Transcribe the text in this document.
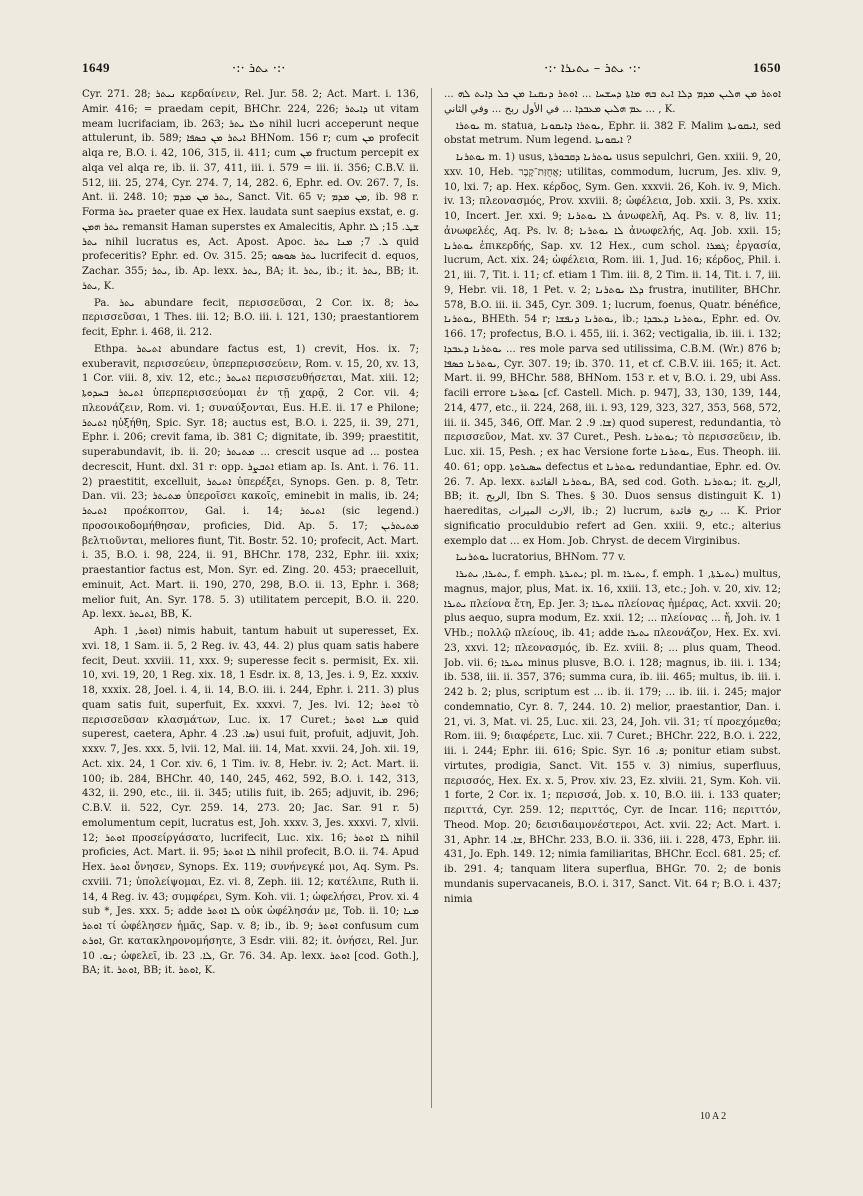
1649	·:· ܝܬܪ ·:·	·:· ܝܬܪ – ܝܬܝܪܐ ·:·	1650

Cyr. 271. 28; ܢܝܬܪ κερδαίνειν, Rel. Jur. 58. 2; Act. Mart. i. 136, Amir. 416; = praedam cepit, BHChr. 224, 226; ܕܐܝܬܪ ut vitam meam lucrifaciam, ib. 263; ܘܠܐ ܝܬܪ nihil lucri acceperunt neque attulerunt, ib. 589; ܐܝܬܪ ܡܢ ܟܣܦܐ BHNom. 156 r; cum ܡܢ profecit alqa re, B.O. i. 42, 106, 315, ii. 411; cum ܡܢ fructum percepit ex alqa vel alqa re, ib. ii. 37, 411, iii. i. 579 = iii. ii. 356; C.B.V. ii. 512, iii. 25, 274, Cyr. 274. 7, 14, 282. 6, Ephr. ed. Ov. 267. 7, Is. Ant. ii. 248. 10; ܝܬܪ ܡܢ ܡܕܡ, Sanct. Vit. 65 v; ܡܢ ܡܕܡ, ib. 98 r. Forma ܝܬܪ praeter quae ex Hex. laudata sunt saepius exstat, e. g. ܝܬܪ ܗܡܢ remansit Haman superstes ex Amalecitis, Aphr. ܫܛ. 15; ܠܐ ܝܬܪ nihil lucratus es, Act. Apost. Apoc. ܠ. 7; ܡܢܐ ܝܬܪ quid profeceritis? Ephr. ed. Ov. 315. 25; ܝܬܪ ܣܘܣܘ lucrifecit d. equos, Zachar. 355; ܝܬܪ, ib. Ap. lexx. ܝܬܪ, BA; it. ܝܬܪ, ib.; it. ܝܬܪ, BB; it. ܝܬܪ, K.

Pa. ܝܬܪ abundare fecit, περισσεῦσαι, 2 Cor. ix. 8; ܝܬܪ περισσεῦσαι, 1 Thes. iii. 12; B.O. iii. i. 121, 130; praestantiorem fecit, Ephr. i. 468, ii. 212.

Ethpa. ܐܬܝܬܪ abundare factus est, 1) crevit, Hos. ix. 7; exuberavit, περισσεύειν, ὑπερπερισσεύειν, Rom. v. 15, 20, xv. 13, 1 Cor. viii. 8, xiv. 12, etc.; ܐܬܝܬܪ περισσευθήσεται, Mat. xiii. 12; ܐܬܝܬܪ ܒܚܕܘܬܐ ὑπερπερισσεύομαι ἐν τῇ χαρᾷ, 2 Cor. vii. 4; πλεονάζειν, Rom. vi. 1; συναύξονται, Eus. H.E. ii. 17 e Philone; ܐܬܝܬܪ ηὐξήθη, Spic. Syr. 18; auctus est, B.O. i. 225, ii. 39, 271, Ephr. i. 206; crevit fama, ib. 381 C; dignitate, ib. 399; praestitit, superabundavit, ib. ii. 20; ܡܬܝܬܪ ... crescit usque ad ... postea decrescit, Hunt. dxl. 31 r: opp. ܐܬܒܨܪ etiam ap. Is. Ant. i. 76. 11. 2) praestitit, excelluit, ܐܬܝܬܪ ὑπερέξει, Synops. Gen. p. 8, Tetr. Dan. vii. 23; ܡܬܝܬܪ ὑπεροῖσει κακοῖς, eminebit in malis, ib. 24; ܐܬܝܬܪ προέκοπτον, Gal. i. 14; ܐܬܝܬܪ (sic legend.) προσοικοδομήθησαν, proficies, Did. Ap. 5. 17; ܡܬܝܬܪܝܢ βελτιοῦνται, meliores fiunt, Tit. Bostr. 52. 10; profecit, Act. Mart. i. 35, B.O. i. 98, 224, ii. 91, BHChr. 178, 232, Ephr. iii. xxix; praestantior factus est, Mon. Syr. ed. Zing. 20. 453; praecelluit, eminuit, Act. Mart. ii. 190, 270, 298, B.O. ii. 13, Ephr. i. 368; melior fuit, An. Syr. 178. 5. 3) utilitatem percepit, B.O. ii. 220. Ap. lexx. ܐܬܝܬܪ, BB, K.

Aph. ܐܘܬܪ, 1) nimis habuit, tantum habuit ut superesset, Ex. xvi. 18, 1 Sam. ii. 5, 2 Reg. iv. 43, 44. 2) plus quam satis habere fecit, Deut. xxviii. 11, xxx. 9; superesse fecit s. permisit, Ex. xii. 10, xvi. 19, 20, 1 Reg. xix. 18, 1 Esdr. ix. 8, 13, Jes. i. 9, Ez. xxxiv. 18, xxxix. 28, Joel. i. 4, ii. 14, B.O. iii. i. 244, Ephr. i. 211. 3) plus quam satis fuit, superfuit, Ex. xxxvi. 7, Jes. lvi. 12; ܐܘܬܪ τὸ περισσεῦσαν κλασμάτων, Luc. ix. 17 Curet.; ܡܢܐ ܐܘܬܪ quid superest, caetera, Aphr. ܣܐ. 23. 4) usui fuit, profuit, adjuvit, Joh. xxxv. 7, Jes. xxx. 5, lvii. 12, Mal. iii. 14, Mat. xxvii. 24, Joh. xii. 19, Act. xix. 24, 1 Cor. xiv. 6, 1 Tim. iv. 8, Hebr. iv. 2; Act. Mart. ii. 100; ib. 284, BHChr. 40, 140, 245, 462, 592, B.O. i. 142, 313, 432, ii. 290, etc., iii. ii. 345; utilis fuit, ib. 265; adjuvit, ib. 296; C.B.V. ii. 522, Cyr. 259. 14, 273. 20; Jac. Sar. 91 r. 5) emolumentum cepit, lucratus est, Joh. xxxv. 3, Jes. xxxvi. 7, xlvii. 12; ܐܘܬܪ προσείργάσατο, lucrifecit, Luc. xix. 16; ܠܐ ܐܘܬܪ nihil proficies, Act. Mart. ii. 95; ܠܐ ܐܘܬܪ nihil profecit, B.O. ii. 74. Apud Hex. ܐܘܬܪ ὄνησεν, Synops. Ex. 119; συνήνεγκέ μοι, Aq. Sym. Ps. cxviii. 71; ὑπολείψομαι, Ez. vi. 8, Zeph. iii. 12; κατέλιπε, Ruth ii. 14, 4 Reg. iv. 43; συμφέρει, Sym. Koh. vii. 1; ὠφελήσει, Prov. xi. 4 sub *, Jes. xxx. 5; adde ܠܐ ܐܘܬܪ οὐκ ὠφέλησάν με, Tob. ii. 10; ܡܢܐ ܐܘܬܪ τί ὠφέλησεν ἡμᾶς, Sap. v. 8; ib., ib. 9; ܐܘܬܪ confusum cum ܐܘܪܬ, Gr. κατακληρονομήσητε, 3 Esdr. viii. 82; it. ὀνήσει, Rel. Jur. ܢܘ. 10; ὠφελεῖ, ib. ܠܐ. 23, Gr. 76. 34. Ap. lexx. ܐܘܬܪ [cod. Goth.], BA; it. ܐܘܬܪ, BB; it. ܐܘܬܪ, K.

ܐܘܬܪ ܡܢ ܗܠܝܢ ܡܕܡ ܕܠܐ ܐܝܬ ܒܗ ܡܐܬܐ ܕܚܫܚܐ ... ܐܘܬܪ ܕܢܩܢܐ ܡܢ ܟܠ ܕܐܝܬ ܠܗ ... ܥܡ ܗܠܝܢ ܡܥܒܕܐ ... في الأول ربح ... وفي الثاني ... , K.

ܝܘܬܪܐ m. statua, ܝܘܬܪܐ ܕܐܝܩܘܢܐ, Ephr. ii. 382 F. Malim ܐܝܩܘܢܬܐ, sed obstat metrum. Num legend. ܐܝܩܘܢܬܐ ?

ܝܘܬܪܢܐ m. 1) usus, ܝܘܬܪܢܐ ܕܩܒܘܪܬܐ usus sepulchri, Gen. xxiii. 9, 20, xxv. 10, Heb. אֲחֻזַּת־קֶבֶר; utilitas, commodum, lucrum, Jes. xliv. 9, 10, lxi. 7; ap. Hex. κέρδος, Sym. Gen. xxxvii. 26, Koh. iv. 9, Mich. iv. 13; πλεονασμός, Prov. xxviii. 8; ὠφέλεια, Job. xxii. 3, Ps. xxix. 10, Incert. Jer. xxi. 9; ܠܐ ܝܘܬܪܢܐ ἀνωφελῆ, Aq. Ps. v. 8, liv. 11; ἀνωφελές, Aq. Ps. lv. 8; ܠܐ ܝܘܬܪܢܐ ἀνωφελής, Aq. Job. xxii. 15; ܝܘܬܪܢܐ ἐπικερδής, Sap. xv. 12 Hex., cum schol. ܓܡܪܐ; ἐργασία, lucrum, Act. xix. 24; ὠφέλεια, Rom. iii. 1, Jud. 16; κέρδος, Phil. i. 21, iii. 7, Tit. i. 11; cf. etiam 1 Tim. iii. 8, 2 Tim. ii. 14, Tit. i. 7, iii. 9, Hebr. vii. 18, 1 Pet. v. 2; ܕܠܐ ܝܘܬܪܢܐ frustra, inutiliter, BHChr. 578, B.O. iii. ii. 345, Cyr. 309. 1; lucrum, foenus, Quatr. bénéfice, ܝܘܬܪܢܐ, BHEth. 54 r; ܝܘܬܪܢܐ ܕܢܦܫܐ, ib.; ܝܘܬܪܢܐ ܕܥܒܕܐ, Ephr. ed. Ov. 166. 17; profectus, B.O. i. 455, iii. i. 362; vectigalia, ib. iii. i. 132; ܝܘܬܪܢܐ ܕܥܒܕܐ ... res mole parva sed utilissima, C.B.M. (Wr.) 876 b; ܝܘܬܪܢܐ ܟܣܦܐ, Cyr. 307. 19; ib. 370. 11, et cf. C.B.V. iii. 165; it. Act. Mart. ii. 99, BHChr. 588, BHNom. 153 r. et v, B.O. i. 29, ubi Ass. facili errore ܝܘܬܪܢܐ [cf. Castell. Mich. p. 947], 33, 130, 139, 144, 214, 477, etc., ii. 224, 268, iii. i. 93, 129, 323, 327, 353, 568, 572, iii. ii. 345, 346, Off. Mar. ܫܐ. 9. 2) quod superest, redundantia, τὸ περισσεῦον, Mat. xv. 37 Curet., Pesh. ܝܘܬܪܢܐ; τὸ περισσεῦειν, ib. Luc. xii. 15, Pesh. ; ex hac Versione forte ܝܘܬܪܢܐ, Eus. Theoph. iii. 40. 61; opp. ܚܣܝܪܘܬܐ defectus et ܝܘܬܪܢܐ redundantiae, Ephr. ed. Ov. 26. 7. Ap. lexx. ܝܘܬܪܢܐ الفائدة, BA, sed cod. Goth. ܝܘܬܪܢܐ; it. الربح, BB; it. الربح, Ibn S. Thes. § 30. Duos sensus distinguit K. 1) haereditas, الارث الميراث, ib.; 2) lucrum, ربح فائدة ... K. Prior significatio proculdubio refert ad Gen. xxiii. 9, etc.; alterius exemplo dat ... ex Hom. Job. Chryst. de decem Virginibus.

ܝܘܬܪܢܝܐ lucratorius, BHNom. 77 v.

ܝܬܝܪܐ, ܝܬܝܪܐ, f. emph. ܝܬܝܪܬܐ; pl. m. ܝܬܝܪܐ, f. emph. ܝܬܝܪܬܐ, 1) multus, magnus, major, plus, Mat. ix. 16, xxiii. 13, etc.; Joh. v. 20, xiv. 12; ܝܬܝܪܐ πλείονα ἔτη, Ep. Jer. 3; ܝܬܝܪܐ πλείονας ἡμέρας, Act. xxvii. 20; plus aequo, supra modum, Ez. xxii. 12; ... πλείονας ... ἤ, Joh. iv. 1 VHb.; πολλῷ πλείους, ib. 41; adde ܝܬܝܪܐ πλεονάζον, Hex. Ex. xvi. 23, xxvi. 12; πλεονασμός, ib. Ez. xviii. 8; ... plus quam, Theod. Job. vii. 6; ܝܬܝܪܐ minus plusve, B.O. i. 128; magnus, ib. iii. i. 134; ib. 538, iii. ii. 357, 376; summa cura, ib. iii. 465; multus, ib. iii. i. 242 b. 2; plus, scriptum est ... ib. ii. 179; ... ib. iii. i. 245; major condemnatio, Cyr. 8. 7, 244. 10. 2) melior, praestantior, Dan. i. 21, vi. 3, Mat. vi. 25, Luc. xii. 23, 24, Joh. vii. 31; τί προεχόμεθα; Rom. iii. 9; διαφέρετε, Luc. xii. 7 Curet.; BHChr. 222, B.O. i. 222, iii. i. 244; Ephr. iii. 616; Spic. Syr. ܦ. 16; ponitur etiam subst. virtutes, prodigia, Sanct. Vit. 155 v. 3) nimius, superfluus, περισσός, Hex. Ex. x. 5, Prov. xiv. 23, Ez. xlviii. 21, Sym. Koh. vii. 1 forte, 2 Cor. ix. 1; περισσά, Job. x. 10, B.O. iii. i. 133 quater; περιττά, Cyr. 259. 12; περιττός, Cyr. de Incar. 116; περιττόν, Theod. Mop. 20; δεισιδαιμονέστεροι, Act. xvii. 22; Act. Mart. i. 31, Aphr. ܫܐ. 14, BHChr. 233, B.O. ii. 336, iii. i. 228, 473, Ephr. iii. 431, Jo. Eph. 149. 12; nimia familiaritas, BHChr. Eccl. 681. 25; cf. ib. 291. 4; tanquam litera superflua, BHGr. 70. 2; de bonis mundanis supervacaneis, B.O. i. 317, Sanct. Vit. 64 r; B.O. i. 437; nimia

10 A 2
